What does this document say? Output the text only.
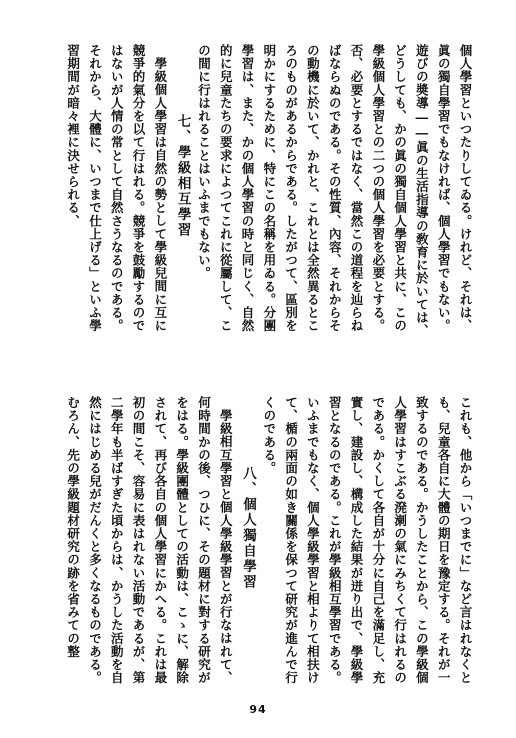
個人學習といつたりしてゐる。けれど、それは、眞の獨自學習でもなければ、個人學習でもない。遊びの奬導――眞の生活指導の敎育に於いては、どうしても、かの眞の獨自個人學習と共に、この學級個人學習との二つの個人學習を必要とする。否、必要とするではなく、當然この道程を辿らねばならぬのである。その性質、內容、それからその動機に於いて、かれと、これとは全然異るところのものがあるからである。したがつて、區別を明かにするために、特にこの名稱を用ゐる。分團學習は、また、かの個人學習の時と同じく、自然的に兒童たちの要求によつてこれに從屬して、この間に行はれることはいふまでもない。

七、學級相互學習

學級個人學習は自然の勢として學級兒間に互に競爭的氣分を以て行はれる。競爭を鼓勵するのではないが人情の常として自然さうなるのである。それから、大體に、いつまで仕上げる」といふ學習期間が暗々裡に決せられる、

これも、他から「いつまでに」など言はれなくとも、兒童各自に大體の期日を豫定する。それが一致するのである。かうしたことから、この學級個人學習はすこぶる溌溂の氣にみちくて行はれるのである。かくして各自が十分に自己を滿足し、充實し、建設し、構成した結果が迸り出で、學級學習となるのである。これが學級相互學習である。いふまでもなく、個人學級學習と相よりて相扶けて、楯の兩面の如き關係を保つて研究が進んで行くのである。

八、個人獨自學習

學級相互學習と個人學級學習とが行なはれて、何時間かの後、つひに、その題材に對する研究がをはる。學級團體としての活動は、こゝに、解除されて、再び各自の個人學習にかへる。これは最初の間こそ、容易に表はれない活動であるが、第二學年も半ばすぎた頃からは、かうした活動を自然にはじめる兒がだんくと多くなるものである。むろん、先の學級題材研究の跡を省みての整

94
